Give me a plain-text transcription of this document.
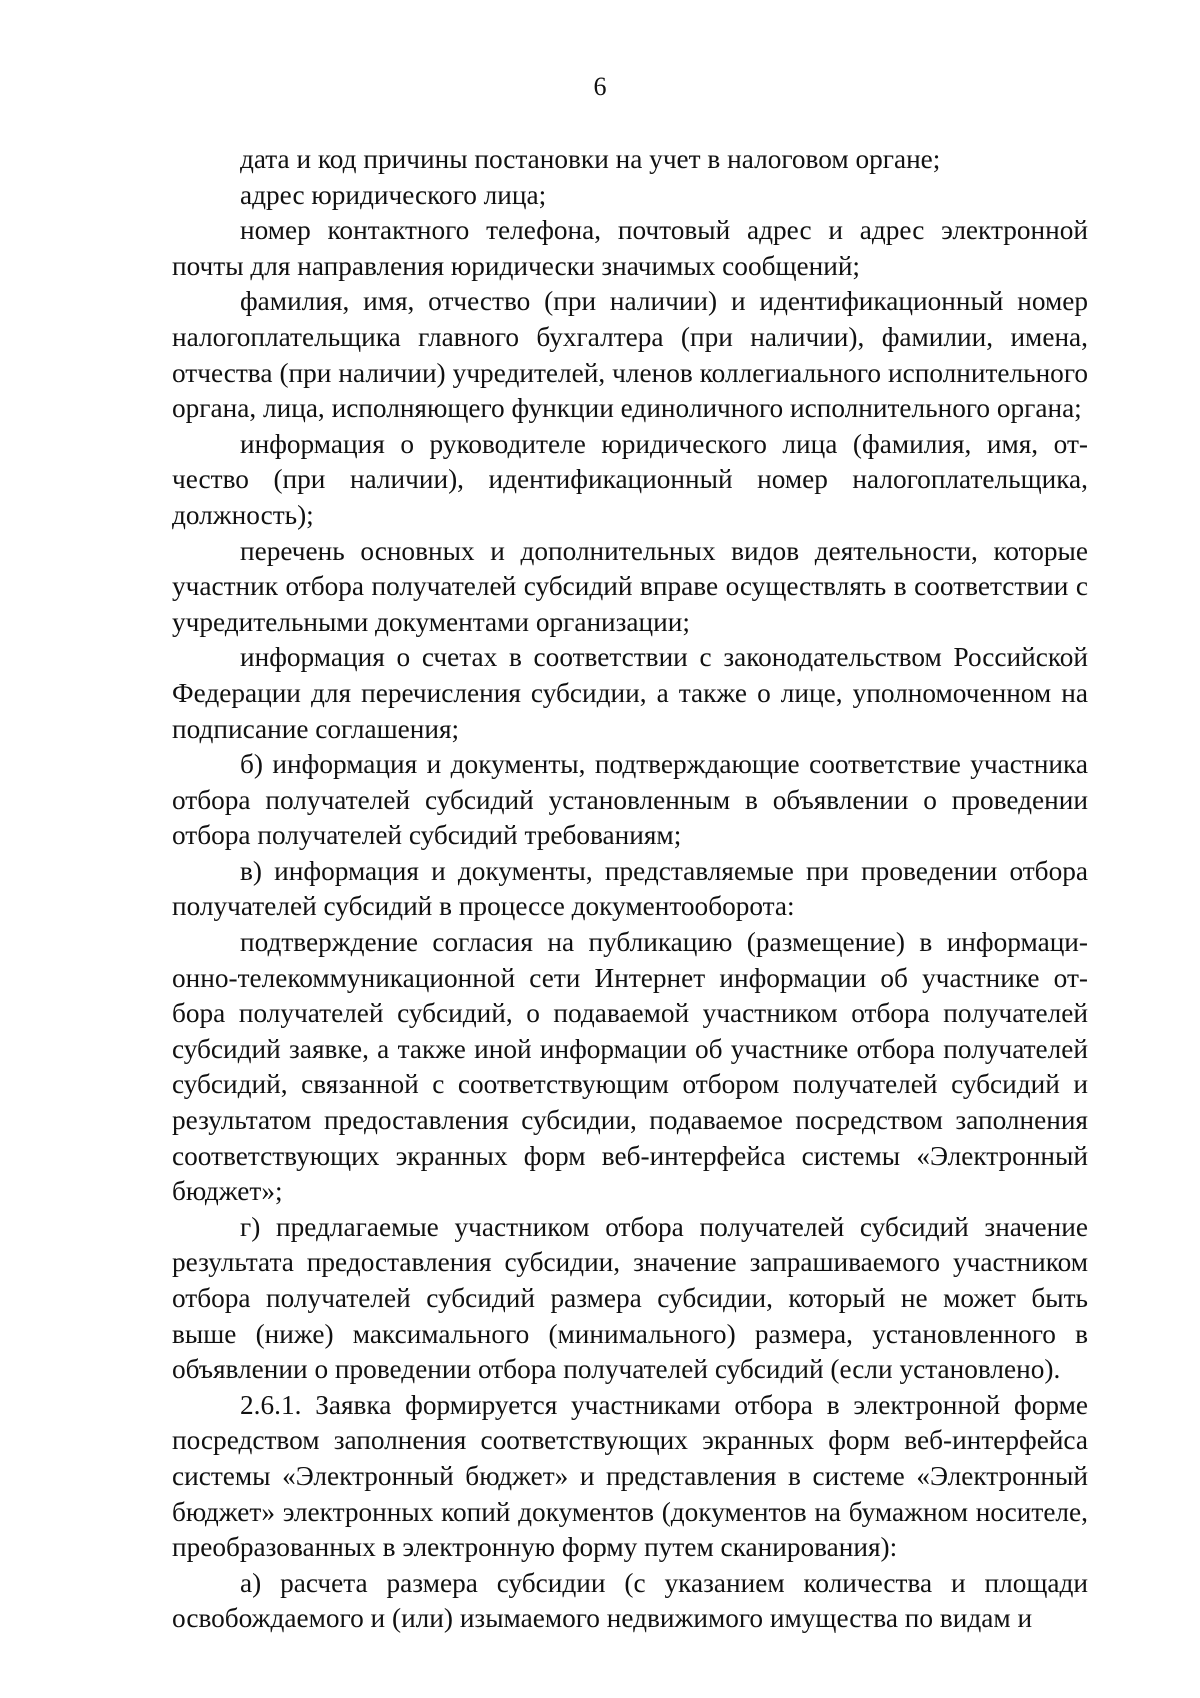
6

дата и код причины постановки на учет в налоговом органе;

адрес юридического лица;

номер контактного телефона, почтовый адрес и адрес электронной почты для направления юридически значимых сообщений;

фамилия, имя, отчество (при наличии) и идентификационный номер налогоплательщика главного бухгалтера (при наличии), фамилии, имена, отчества (при наличии) учредителей, членов коллегиального исполнительного органа, лица, исполняющего функции единоличного исполнительного органа;

информация о руководителе юридического лица (фамилия, имя, отчество (при наличии), идентификационный номер налогоплательщика, должность);

перечень основных и дополнительных видов деятельности, которые участник отбора получателей субсидий вправе осуществлять в соответствии с учредительными документами организации;

информация о счетах в соответствии с законодательством Российской Федерации для перечисления субсидии, а также о лице, уполномоченном на подписание соглашения;

б) информация и документы, подтверждающие соответствие участника отбора получателей субсидий установленным в объявлении о проведении отбора получателей субсидий требованиям;

в) информация и документы, представляемые при проведении отбора получателей субсидий в процессе документооборота:

подтверждение согласия на публикацию (размещение) в информационно-телекоммуникационной сети Интернет информации об участнике отбора получателей субсидий, о подаваемой участником отбора получателей субсидий заявке, а также иной информации об участнике отбора получателей субсидий, связанной с соответствующим отбором получателей субсидий и результатом предоставления субсидии, подаваемое посредством заполнения соответствующих экранных форм веб-интерфейса системы «Электронный бюджет»;

г) предлагаемые участником отбора получателей субсидий значение результата предоставления субсидии, значение запрашиваемого участником отбора получателей субсидий размера субсидии, который не может быть выше (ниже) максимального (минимального) размера, установленного в объявлении о проведении отбора получателей субсидий (если установлено).

2.6.1. Заявка формируется участниками отбора в электронной форме посредством заполнения соответствующих экранных форм веб-интерфейса системы «Электронный бюджет» и представления в системе «Электронный бюджет» электронных копий документов (документов на бумажном носителе, преобразованных в электронную форму путем сканирования):

а) расчета размера субсидии (с указанием количества и площади освобождаемого и (или) изымаемого недвижимого имущества по видам и
